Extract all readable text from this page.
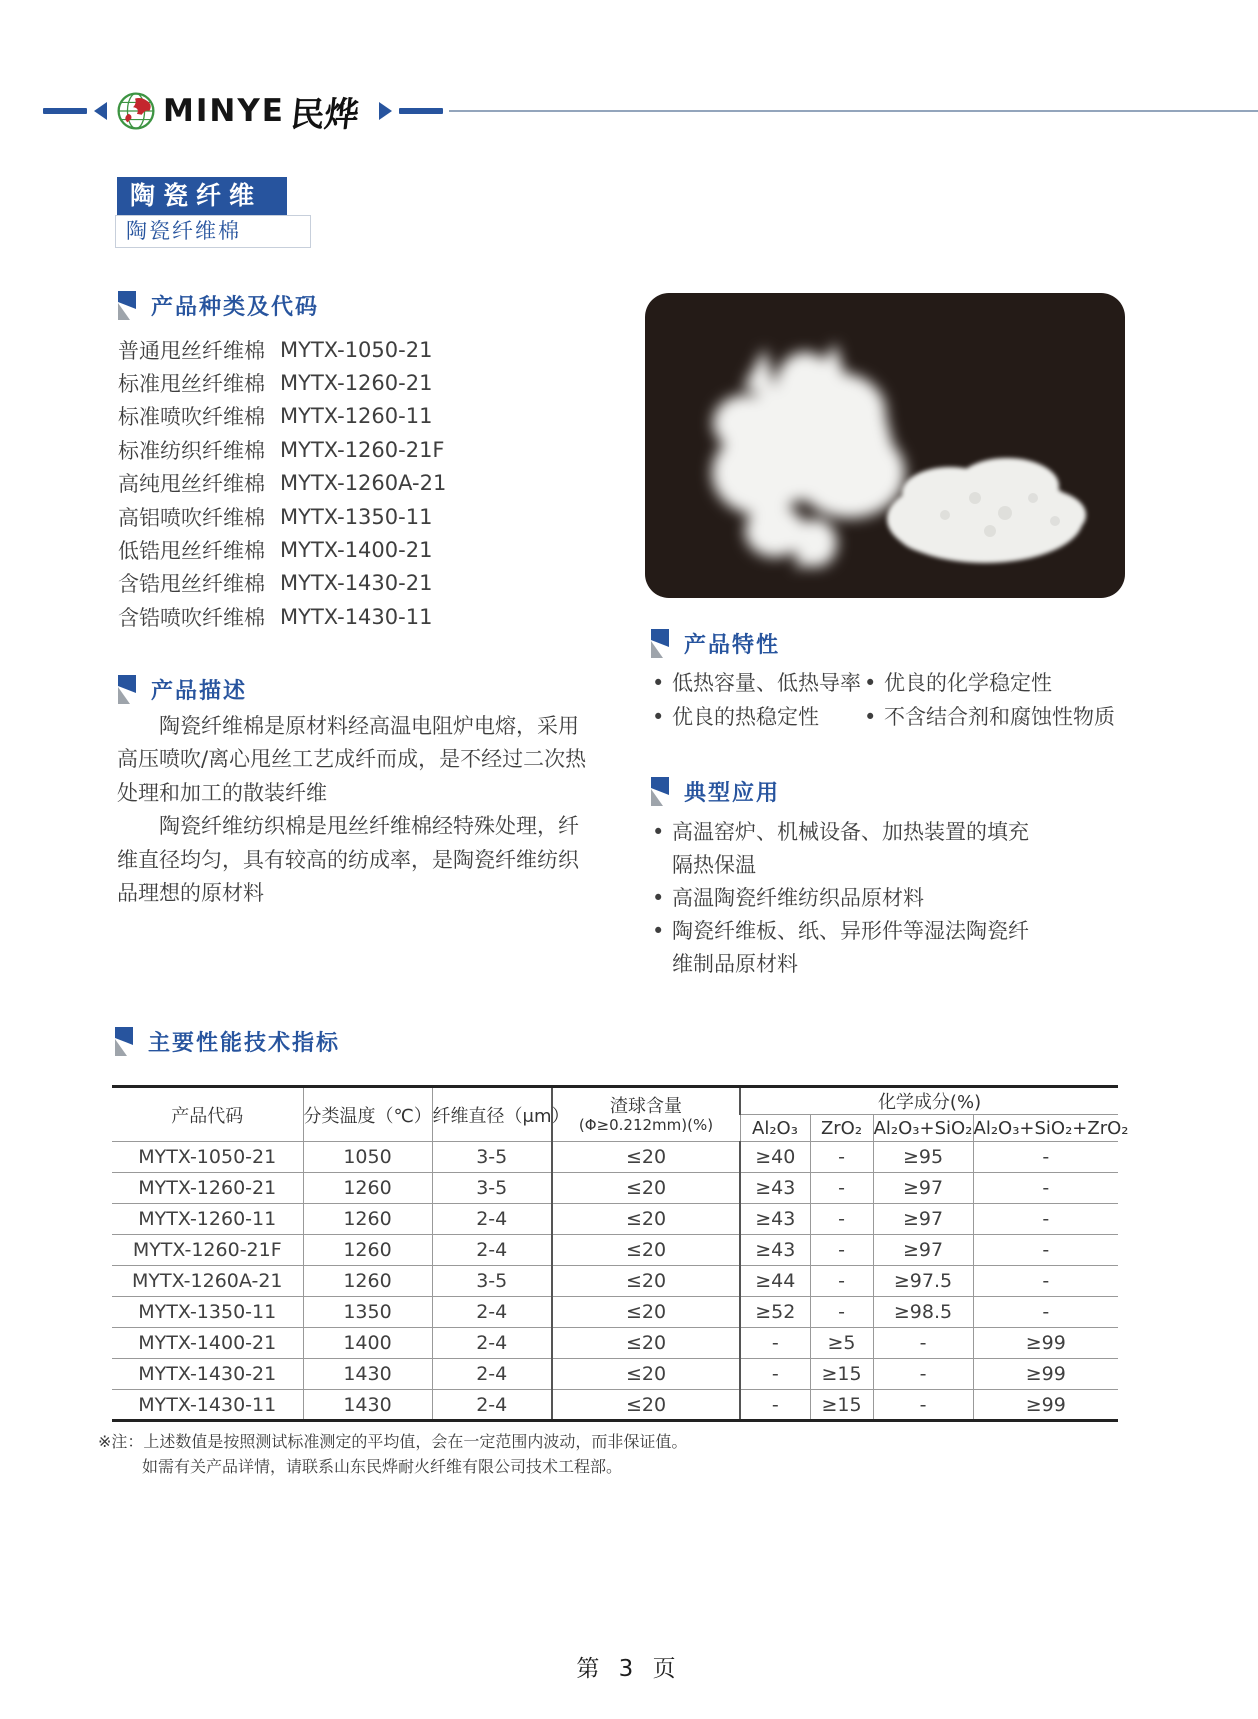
MINYE 民烨
陶瓷纤维
陶瓷纤维棉
产品种类及代码
普通甩丝纤维棉 MYTX-1050-21
标准甩丝纤维棉 MYTX-1260-21
标准喷吹纤维棉 MYTX-1260-11
标准纺织纤维棉 MYTX-1260-21F
高纯甩丝纤维棉 MYTX-1260A-21
高铝喷吹纤维棉 MYTX-1350-11
低锆甩丝纤维棉 MYTX-1400-21
含锆甩丝纤维棉 MYTX-1430-21
含锆喷吹纤维棉 MYTX-1430-11
产品描述

陶瓷纤维棉是原材料经高温电阻炉电熔，采用高压喷吹/离心甩丝工艺成纤而成，是不经过二次热处理和加工的散装纤维

陶瓷纤维纺织棉是甩丝纤维棉经特殊处理，纤维直径均匀，具有较高的纺成率，是陶瓷纤维纺织品理想的原材料

产品特性
• 低热容量、低热导率	• 优良的化学稳定性
• 优良的热稳定性	• 不含结合剂和腐蚀性物质
典型应用
• 高温窑炉、机械设备、加热装置的填充隔热保温
• 高温陶瓷纤维纺织品原材料
• 陶瓷纤维板、纸、异形件等湿法陶瓷纤维制品原材料
主要性能技术指标
产品代码	分类温度（℃）	纤维直径（μm）	渣球含量
(Φ≥0.212mm)(%)	化学成分(%)			
				Al₂O₃	ZrO₂	Al₂O₃+SiO₂	Al₂O₃+SiO₂+ZrO₂
MYTX-1050-21	1050	3-5	≤20	≥40	-	≥95	-
MYTX-1260-21	1260	3-5	≤20	≥43	-	≥97	-
MYTX-1260-11	1260	2-4	≤20	≥43	-	≥97	-
MYTX-1260-21F	1260	2-4	≤20	≥43	-	≥97	-
MYTX-1260A-21	1260	3-5	≤20	≥44	-	≥97.5	-
MYTX-1350-11	1350	2-4	≤20	≥52	-	≥98.5	-
MYTX-1400-21	1400	2-4	≤20	-	≥5	-	≥99
MYTX-1430-21	1430	2-4	≤20	-	≥15	-	≥99
MYTX-1430-11	1430	2-4	≤20	-	≥15	-	≥99
※注：上述数值是按照测试标准测定的平均值，会在一定范围内波动，而非保证值。
如需有关产品详情，请联系山东民烨耐火纤维有限公司技术工程部。
第 3 页
